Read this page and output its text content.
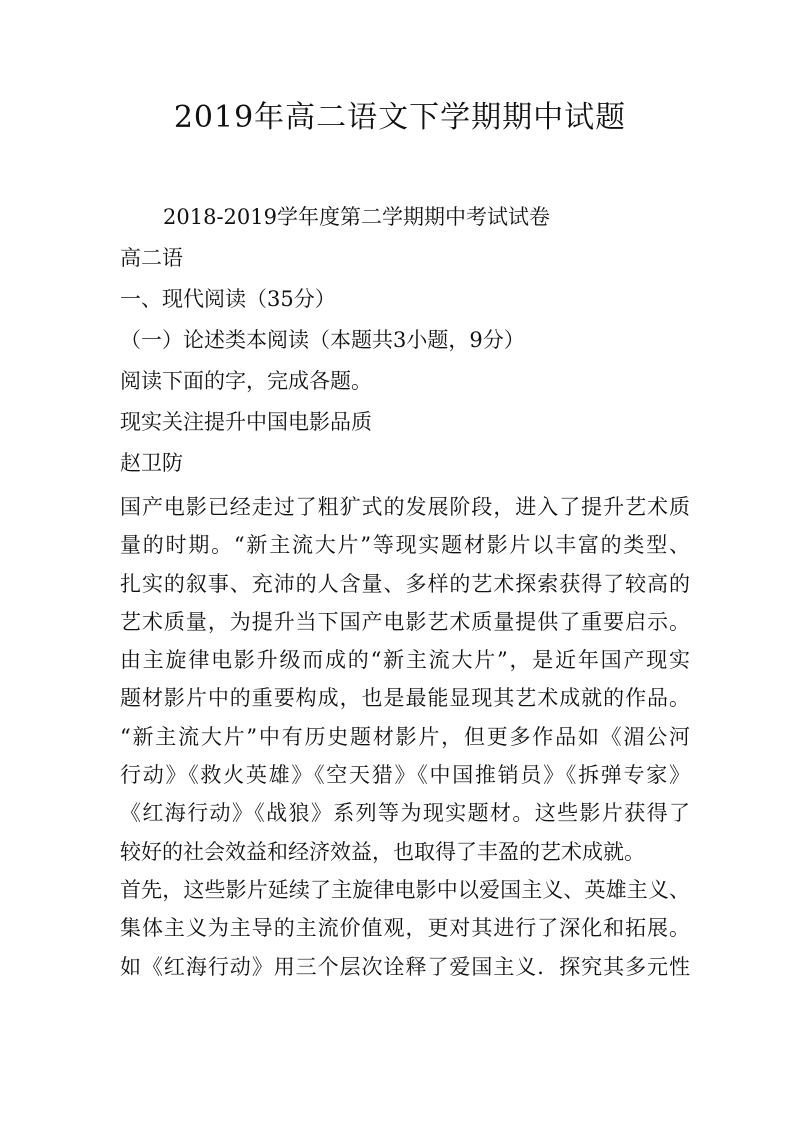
2019年高二语文下学期期中试题
2018-2019学年度第二学期期中考试试卷
高二语
一、现代阅读（35分）
（一）论述类本阅读（本题共3小题，9分）
阅读下面的字，完成各题。
现实关注提升中国电影品质
赵卫防
国产电影已经走过了粗犷式的发展阶段，进入了提升艺术质
量的时期。“新主流大片”等现实题材影片以丰富的类型、
扎实的叙事、充沛的人含量、多样的艺术探索获得了较高的
艺术质量，为提升当下国产电影艺术质量提供了重要启示。
由主旋律电影升级而成的“新主流大片”，是近年国产现实
题材影片中的重要构成，也是最能显现其艺术成就的作品。
“新主流大片”中有历史题材影片，但更多作品如《湄公河
行动》《救火英雄》《空天猎》《中国推销员》《拆弹专家》
《红海行动》《战狼》系列等为现实题材。这些影片获得了
较好的社会效益和经济效益，也取得了丰盈的艺术成就。
首先，这些影片延续了主旋律电影中以爱国主义、英雄主义、
集体主义为主导的主流价值观，更对其进行了深化和拓展。
如《红海行动》用三个层次诠释了爱国主义．探究其多元性
